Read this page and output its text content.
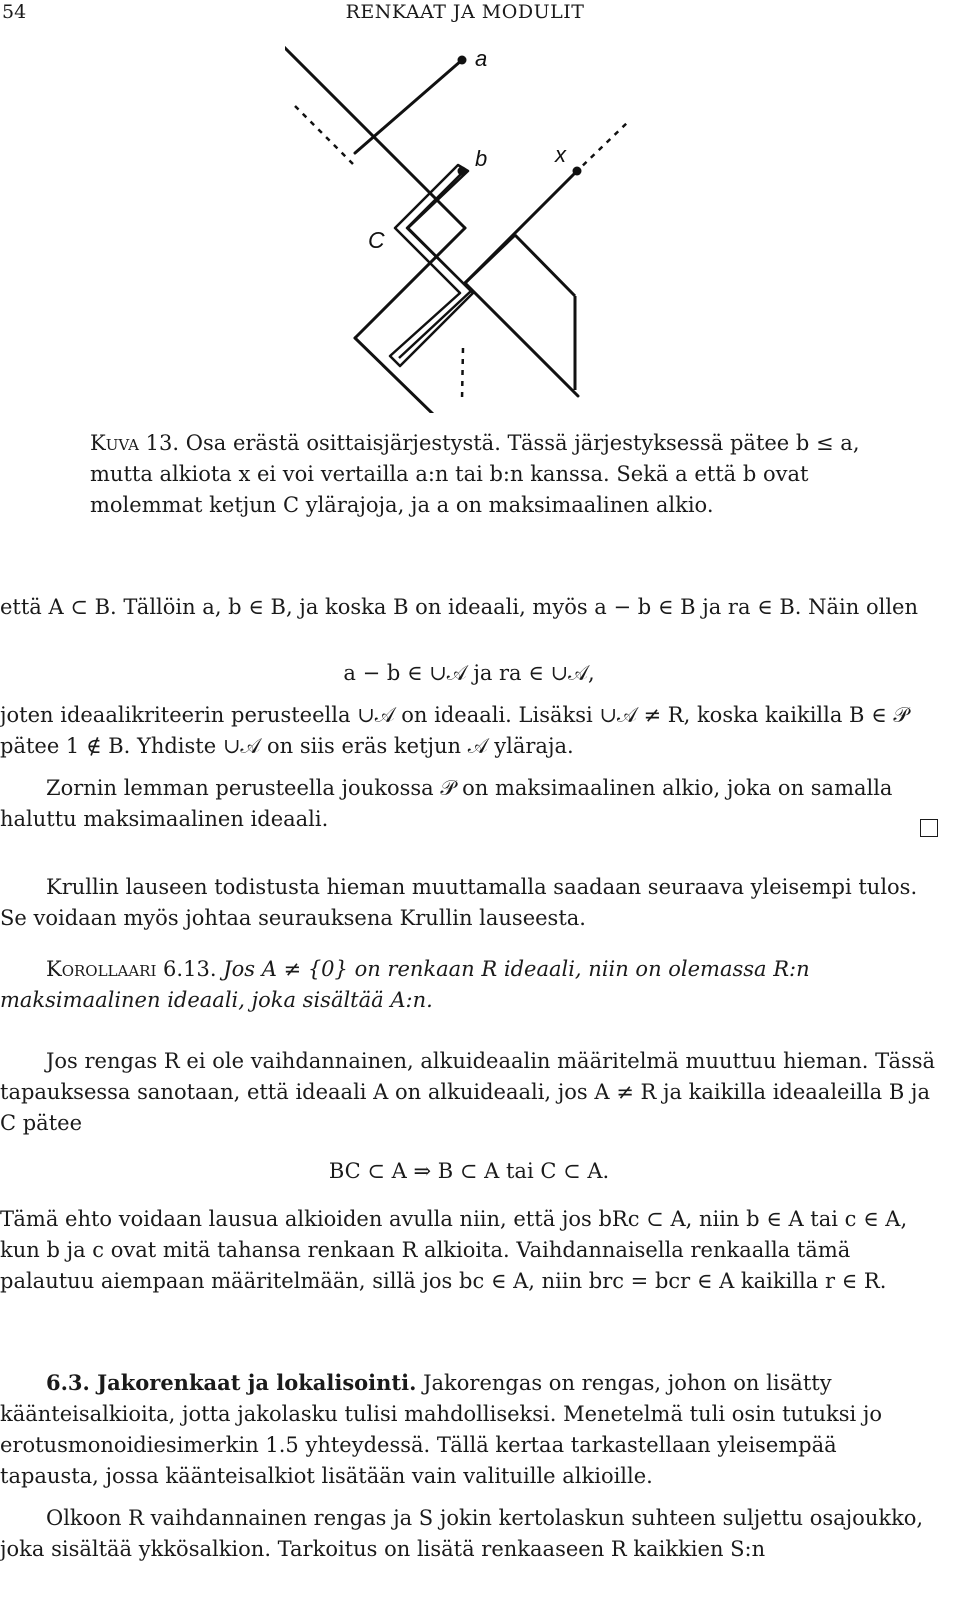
54	RENKAAT JA MODULIT
a
b	x
C
Kuva 13. Osa erästä osittaisjärjestystä. Tässä järjestyksessä pätee b ≤ a, mutta alkiota x ei voi vertailla a:n tai b:n kanssa. Sekä a että b ovat molemmat ketjun C ylärajoja, ja a on maksimaalinen alkio.
että A ⊂ B. Tällöin a, b ∈ B, ja koska B on ideaali, myös a − b ∈ B ja ra ∈ B. Näin ollen
a − b ∈ ∪𝒜 ja ra ∈ ∪𝒜,
joten ideaalikriteerin perusteella ∪𝒜 on ideaali. Lisäksi ∪𝒜 ≠ R, koska kaikilla B ∈ 𝒫 pätee 1 ∉ B. Yhdiste ∪𝒜 on siis eräs ketjun 𝒜 yläraja.
Zornin lemman perusteella joukossa 𝒫 on maksimaalinen alkio, joka on samalla haluttu maksimaalinen ideaali.
Krullin lauseen todistusta hieman muuttamalla saadaan seuraava yleisempi tulos. Se voidaan myös johtaa seurauksena Krullin lauseesta.
Korollaari 6.13. Jos A ≠ {0} on renkaan R ideaali, niin on olemassa R:n maksimaalinen ideaali, joka sisältää A:n.
Jos rengas R ei ole vaihdannainen, alkuideaalin määritelmä muuttuu hieman. Tässä tapauksessa sanotaan, että ideaali A on alkuideaali, jos A ≠ R ja kaikilla ideaaleilla B ja C pätee
BC ⊂ A ⇒ B ⊂ A tai C ⊂ A.
Tämä ehto voidaan lausua alkioiden avulla niin, että jos bRc ⊂ A, niin b ∈ A tai c ∈ A, kun b ja c ovat mitä tahansa renkaan R alkioita. Vaihdannaisella renkaalla tämä palautuu aiempaan määritelmään, sillä jos bc ∈ A, niin brc = bcr ∈ A kaikilla r ∈ R.
6.3. Jakorenkaat ja lokalisointi. Jakorengas on rengas, johon on lisätty käänteisalkioita, jotta jakolasku tulisi mahdolliseksi. Menetelmä tuli osin tutuksi jo erotusmonoidiesimerkin 1.5 yhteydessä. Tällä kertaa tarkastellaan yleisempää tapausta, jossa käänteisalkiot lisätään vain valituille alkioille.
Olkoon R vaihdannainen rengas ja S jokin kertolaskun suhteen suljettu osajoukko, joka sisältää ykkösalkion. Tarkoitus on lisätä renkaaseen R kaikkien S:n
